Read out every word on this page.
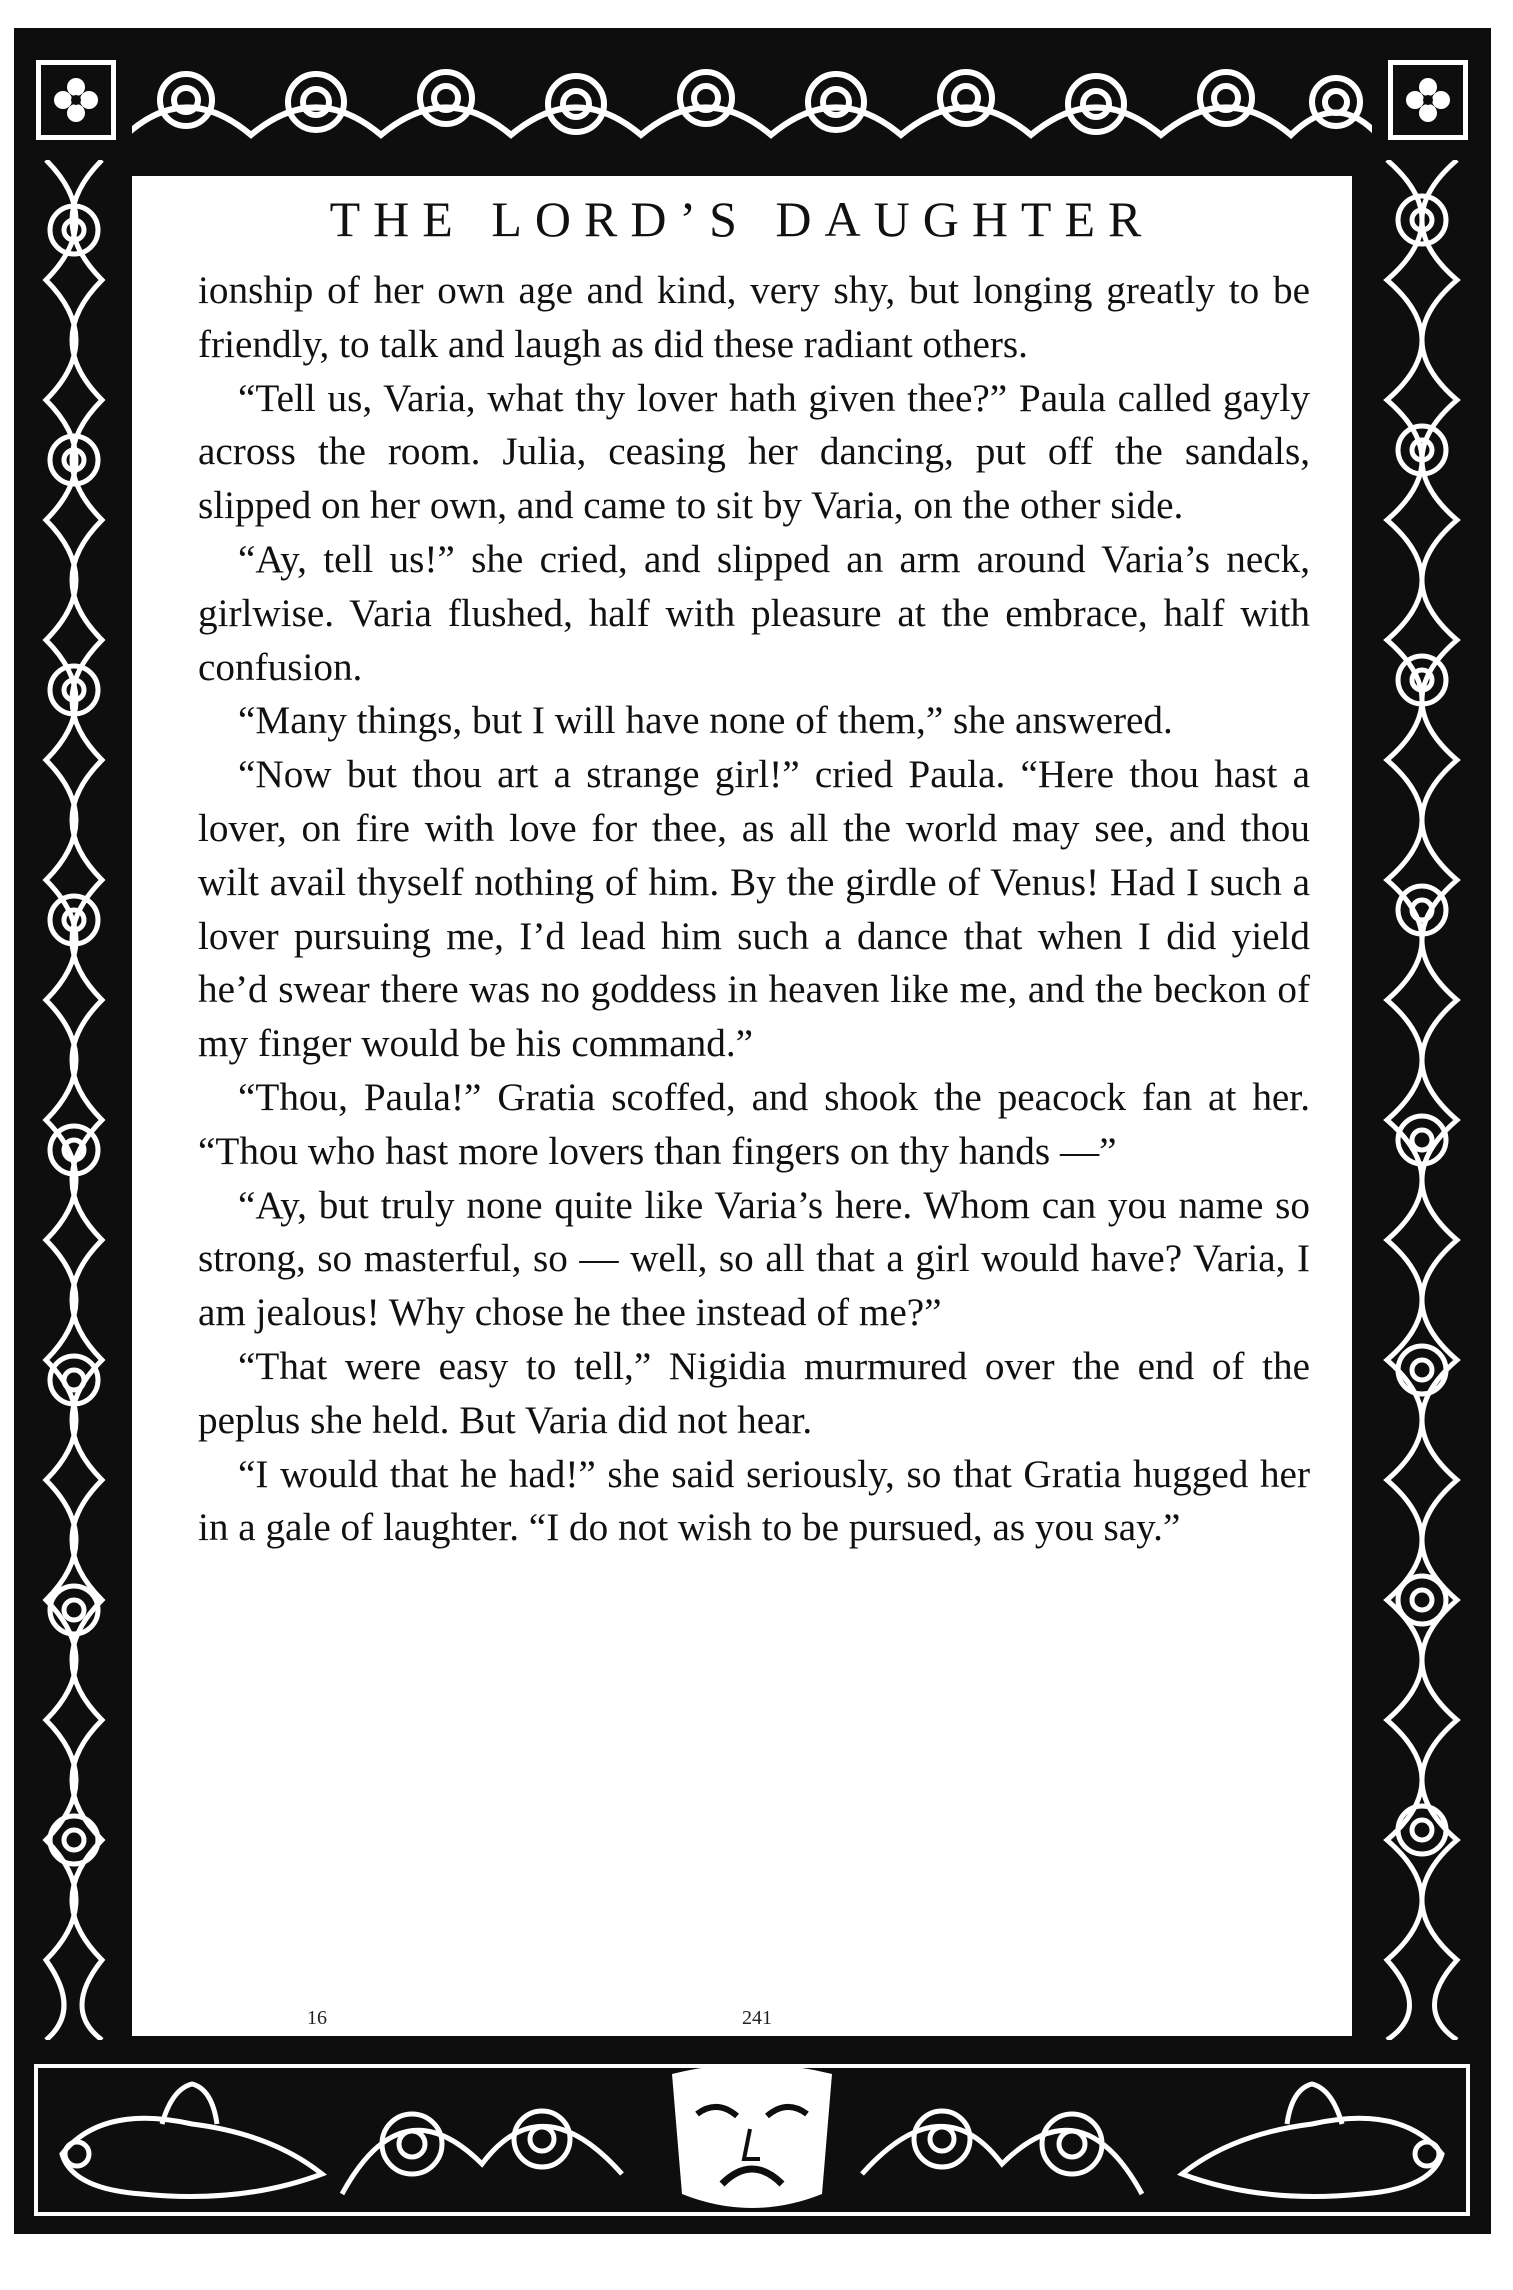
THE LORD’S DAUGHTER

ionship of her own age and kind, very shy, but longing greatly to be friendly, to talk and laugh as did these radiant others.

“Tell us, Varia, what thy lover hath given thee?” Paula called gayly across the room. Julia, ceasing her dancing, put off the sandals, slipped on her own, and came to sit by Varia, on the other side.

“Ay, tell us!” she cried, and slipped an arm around Varia’s neck, girlwise. Varia flushed, half with pleasure at the embrace, half with confusion.

“Many things, but I will have none of them,” she answered.

“Now but thou art a strange girl!” cried Paula. “Here thou hast a lover, on fire with love for thee, as all the world may see, and thou wilt avail thyself nothing of him. By the girdle of Venus! Had I such a lover pursuing me, I’d lead him such a dance that when I did yield he’d swear there was no goddess in heaven like me, and the beckon of my finger would be his command.”

“Thou, Paula!” Gratia scoffed, and shook the peacock fan at her. “Thou who hast more lovers than fingers on thy hands —”

“Ay, but truly none quite like Varia’s here. Whom can you name so strong, so masterful, so — well, so all that a girl would have? Varia, I am jealous! Why chose he thee instead of me?”

“That were easy to tell,” Nigidia murmured over the end of the peplus she held. But Varia did not hear.

“I would that he had!” she said seriously, so that Gratia hugged her in a gale of laughter. “I do not wish to be pursued, as you say.”

16	241
